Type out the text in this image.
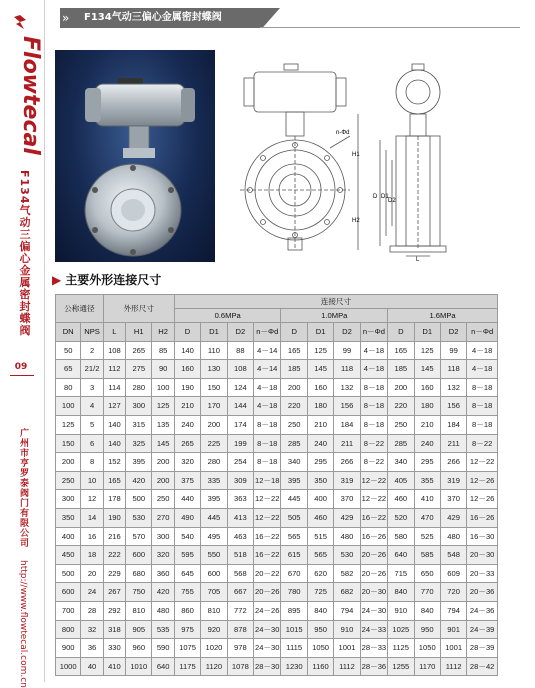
Flowtecal
F134气动三偏心金属密封蝶阀
09
广州市亨罗泰阀门有限公司
http://www.flowtecal.com.cn
» F134气动三偏心金属密封蝶阀
n-Φd
D D1
D2
H1
H2
L
▶ 主要外形连接尺寸
公称通径		外形尺寸			连接尺寸											
					0.6MPa				1.0MPa				1.6MPa			
DN	NPS	L	H1	H2	D	D1	D2	n－Φd	D	D1	D2	n－Φd	D	D1	D2	n－Φd
50	2	108	265	85	140	110	88	4－14	165	125	99	4－18	165	125	99	4－18
65	21/2	112	275	90	160	130	108	4－14	185	145	118	4－18	185	145	118	4－18
80	3	114	280	100	190	150	124	4－18	200	160	132	8－18	200	160	132	8－18
100	4	127	300	125	210	170	144	4－18	220	180	156	8－18	220	180	156	8－18
125	5	140	315	135	240	200	174	8－18	250	210	184	8－18	250	210	184	8－18
150	6	140	325	145	265	225	199	8－18	285	240	211	8－22	285	240	211	8－22
200	8	152	395	200	320	280	254	8－18	340	295	266	8－22	340	295	266	12－22
250	10	165	420	200	375	335	309	12－18	395	350	319	12－22	405	355	319	12－26
300	12	178	500	250	440	395	363	12－22	445	400	370	12－22	460	410	370	12－26
350	14	190	530	270	490	445	413	12－22	505	460	429	16－22	520	470	429	16－26
400	16	216	570	300	540	495	463	16－22	565	515	480	16－26	580	525	480	16－30
450	18	222	600	320	595	550	518	16－22	615	565	530	20－26	640	585	548	20－30
500	20	229	680	360	645	600	568	20－22	670	620	582	20－26	715	650	609	20－33
600	24	267	750	420	755	705	667	20－26	780	725	682	20－30	840	770	720	20－36
700	28	292	810	480	860	810	772	24－26	895	840	794	24－30	910	840	794	24－36
800	32	318	905	535	975	920	878	24－30	1015	950	910	24－33	1025	950	901	24－39
900	36	330	960	590	1075	1020	978	24－30	1115	1050	1001	28－33	1125	1050	1001	28－39
1000	40	410	1010	640	1175	1120	1078	28－30	1230	1160	1112	28－36	1255	1170	1112	28－42
